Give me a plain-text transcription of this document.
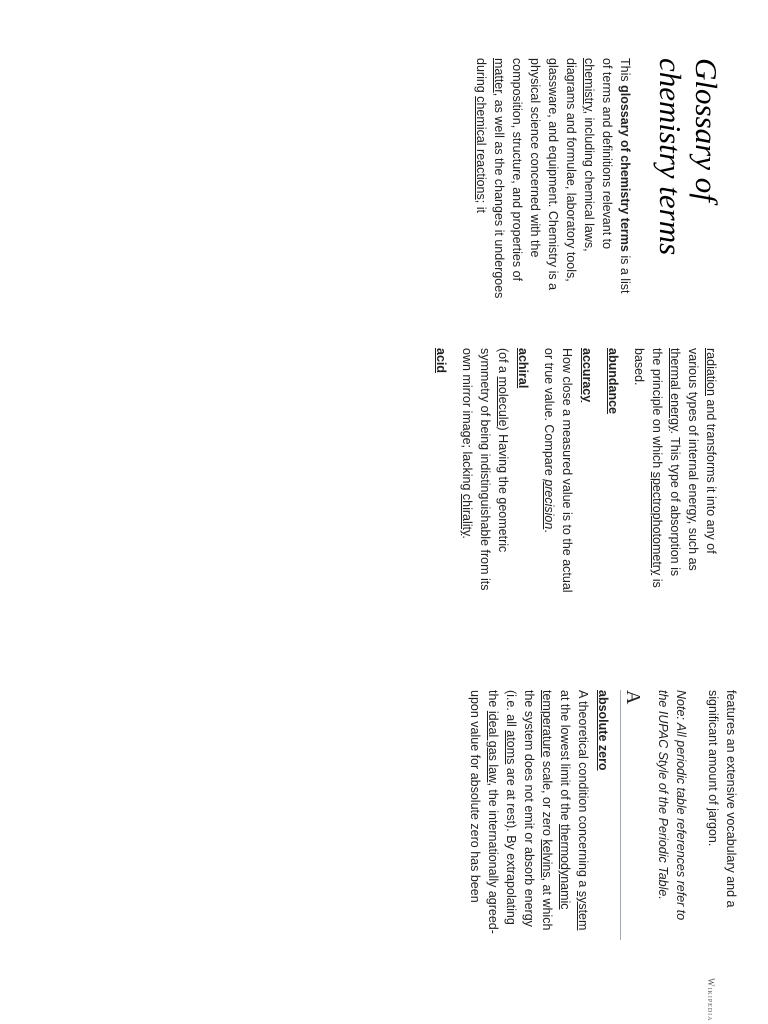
Wikipedia
Glossary of chemistry terms

This glossary of chemistry terms is a list of terms and definitions relevant to chemistry, including chemical laws, diagrams and formulae, laboratory tools, glassware, and equipment. Chemistry is a physical science concerned with the composition, structure, and properties of matter, as well as the changes it undergoes during chemical reactions; it

radiation and transforms it into any of various types of internal energy, such as thermal energy. This type of absorption is the principle on which spectrophotometry is based.

abundance

accuracy

How close a measured value is to the actual or true value. Compare precision.

achiral

(of a molecule) Having the geometric symmetry of being indistinguishable from its own mirror image; lacking chirality.

acid

features an extensive vocabulary and a significant amount of jargon.

Note: All periodic table references refer to the IUPAC Style of the Periodic Table.

A

absolute zero

A theoretical condition concerning a system at the lowest limit of the thermodynamic temperature scale, or zero kelvins, at which the system does not emit or absorb energy (i.e. all atoms are at rest). By extrapolating the ideal gas law, the internationally agreed-upon value for absolute zero has been
